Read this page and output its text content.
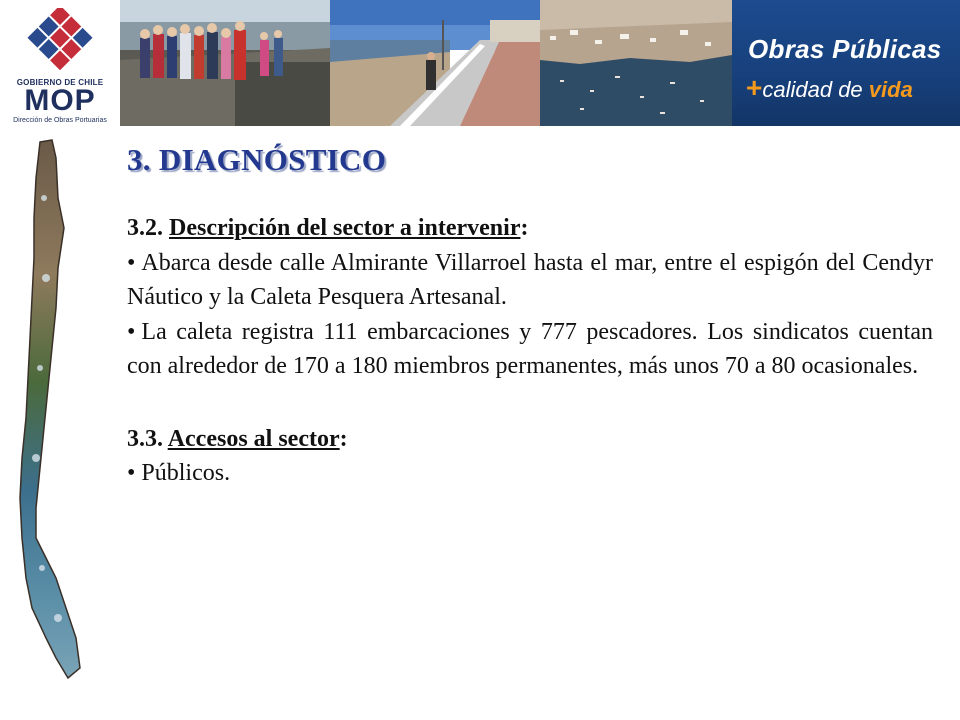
GOBIERNO DE CHILE
MOP
Dirección de Obras Portuarias
Obras Públicas
+calidad de vida
3. DIAGNÓSTICO

3.2. Descripción del sector a intervenir:

• Abarca desde calle Almirante Villarroel hasta el mar, entre el espigón del Cendyr Náutico y la Caleta Pesquera Artesanal.

• La caleta registra 111 embarcaciones y 777 pescadores. Los sindicatos cuentan con alrededor de 170 a 180 miembros permanentes, más unos 70 a 80 ocasionales.

3.3. Accesos al sector:

• Públicos.
